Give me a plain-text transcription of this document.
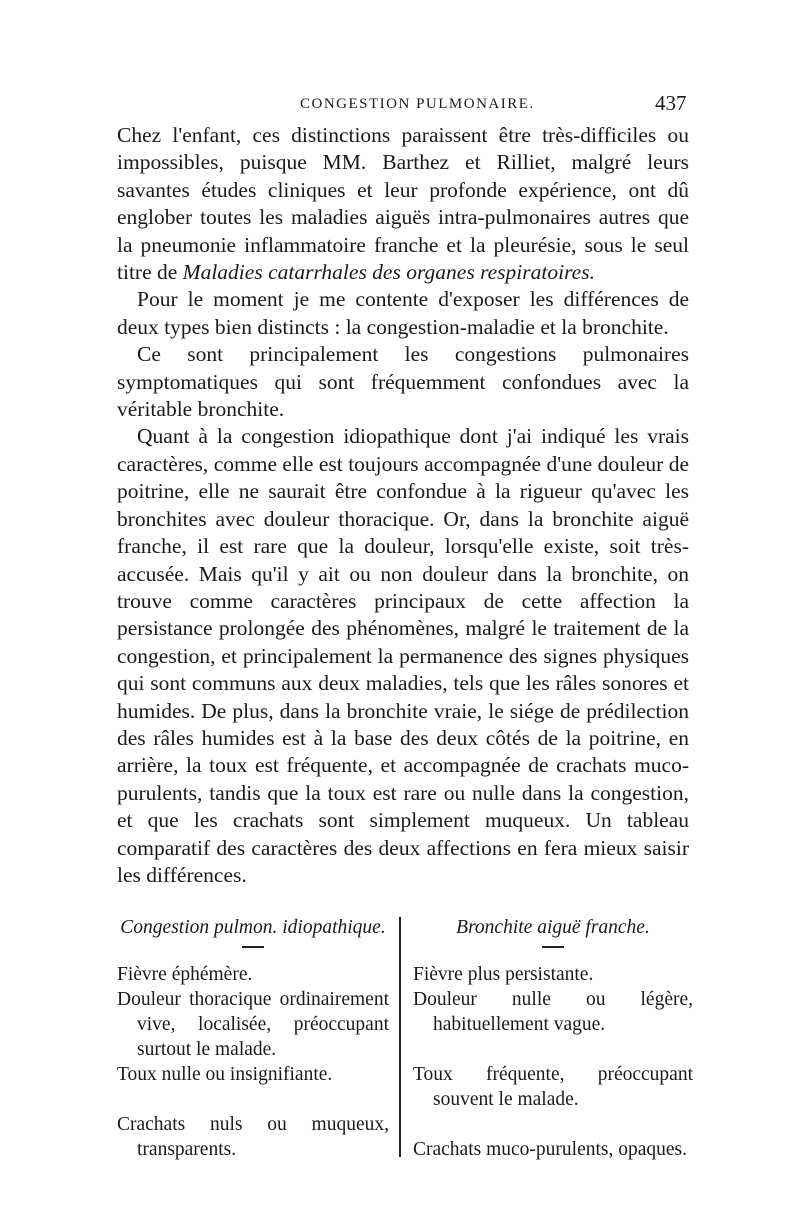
CONGESTION PULMONAIRE.	437

Chez l'enfant, ces distinctions paraissent être très-difficiles ou impossibles, puisque MM. Barthez et Rilliet, malgré leurs savantes études cliniques et leur profonde expérience, ont dû englober toutes les maladies aiguës intra-pulmonaires autres que la pneumonie inflammatoire franche et la pleurésie, sous le seul titre de Maladies catarrhales des organes respiratoires.

Pour le moment je me contente d'exposer les différences de deux types bien distincts : la congestion-maladie et la bronchite.

Ce sont principalement les congestions pulmonaires symptomatiques qui sont fréquemment confondues avec la véritable bronchite.

Quant à la congestion idiopathique dont j'ai indiqué les vrais caractères, comme elle est toujours accompagnée d'une douleur de poitrine, elle ne saurait être confondue à la rigueur qu'avec les bronchites avec douleur thoracique. Or, dans la bronchite aiguë franche, il est rare que la douleur, lorsqu'elle existe, soit très-accusée. Mais qu'il y ait ou non douleur dans la bronchite, on trouve comme caractères principaux de cette affection la persistance prolongée des phénomènes, malgré le traitement de la congestion, et principalement la permanence des signes physiques qui sont communs aux deux maladies, tels que les râles sonores et humides. De plus, dans la bronchite vraie, le siége de prédilection des râles humides est à la base des deux côtés de la poitrine, en arrière, la toux est fréquente, et accompagnée de crachats muco-purulents, tandis que la toux est rare ou nulle dans la congestion, et que les crachats sont simplement muqueux. Un tableau comparatif des caractères des deux affections en fera mieux saisir les différences.

Congestion pulmon. idiopathique.
Fièvre éphémère.
Douleur thoracique ordinairement vive, localisée, préoccupant surtout le malade.
Toux nulle ou insignifiante.
Crachats nuls ou muqueux, transparents.
Bronchite aiguë franche.
Fièvre plus persistante.
Douleur nulle ou légère, habituellement vague.
Toux fréquente, préoccupant souvent le malade.
Crachats muco-purulents, opaques.
